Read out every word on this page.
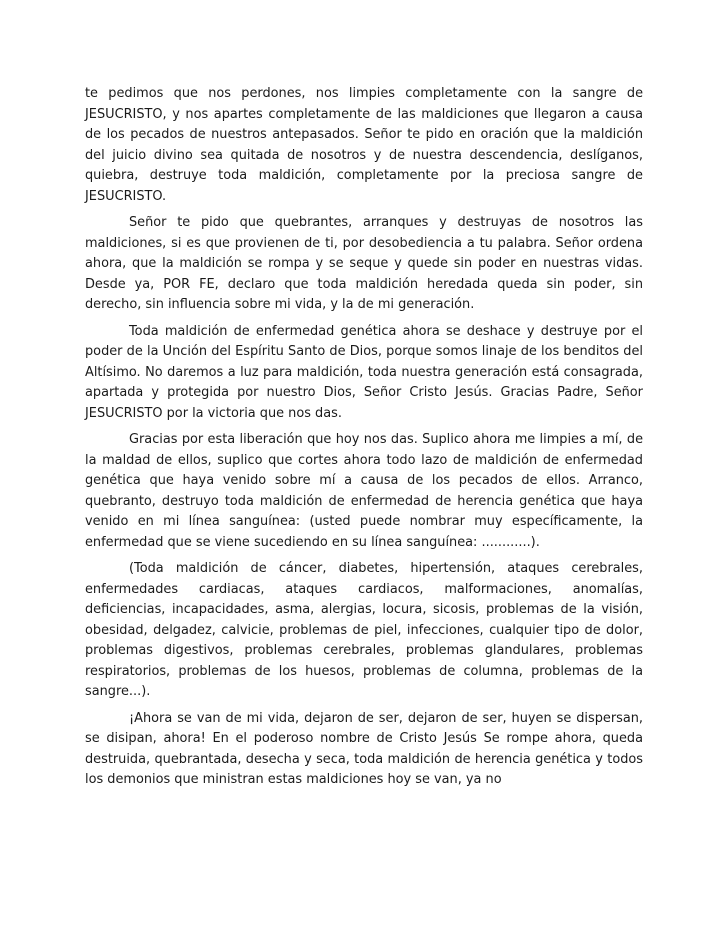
te pedimos que nos perdones, nos limpies completamente con la sangre de JESUCRISTO, y nos apartes completamente de las maldiciones que llegaron a causa de los pecados de nuestros antepasados. Señor te pido en oración que la maldición del juicio divino sea quitada de nosotros y de nuestra descendencia, deslíganos, quiebra, destruye toda maldición, completamente por la preciosa sangre de JESUCRISTO.

Señor te pido que quebrantes, arranques y destruyas de nosotros las maldiciones, si es que provienen de ti, por desobediencia a tu palabra. Señor ordena ahora, que la maldición se rompa y se seque y quede sin poder en nuestras vidas. Desde ya, POR FE, declaro que toda maldición heredada queda sin poder, sin derecho, sin influencia sobre mi vida, y la de mi generación.

Toda maldición de enfermedad genética ahora se deshace y destruye por el poder de la Unción del Espíritu Santo de Dios, porque somos linaje de los benditos del Altísimo. No daremos a luz para maldición, toda nuestra generación está consagrada, apartada y protegida por nuestro Dios, Señor Cristo Jesús. Gracias Padre, Señor JESUCRISTO por la victoria que nos das.

Gracias por esta liberación que hoy nos das. Suplico ahora me limpies a mí, de la maldad de ellos, suplico que cortes ahora todo lazo de maldición de enfermedad genética que haya venido sobre mí a causa de los pecados de ellos. Arranco, quebranto, destruyo toda maldición de enfermedad de herencia genética que haya venido en mi línea sanguínea: (usted puede nombrar muy específicamente, la enfermedad que se viene sucediendo en su línea sanguínea: ............).

(Toda maldición de cáncer, diabetes, hipertensión, ataques cerebrales, enfermedades cardiacas, ataques cardiacos, malformaciones, anomalías, deficiencias, incapacidades, asma, alergias, locura, sicosis, problemas de la visión, obesidad, delgadez, calvicie, problemas de piel, infecciones, cualquier tipo de dolor, problemas digestivos, problemas cerebrales, problemas glandulares, problemas respiratorios, problemas de los huesos, problemas de columna, problemas de la sangre...).

¡Ahora se van de mi vida, dejaron de ser, dejaron de ser, huyen se dispersan, se disipan, ahora! En el poderoso nombre de Cristo Jesús Se rompe ahora, queda destruida, quebrantada, desecha y seca, toda maldición de herencia genética y todos los demonios que ministran estas maldiciones hoy se van, ya no
